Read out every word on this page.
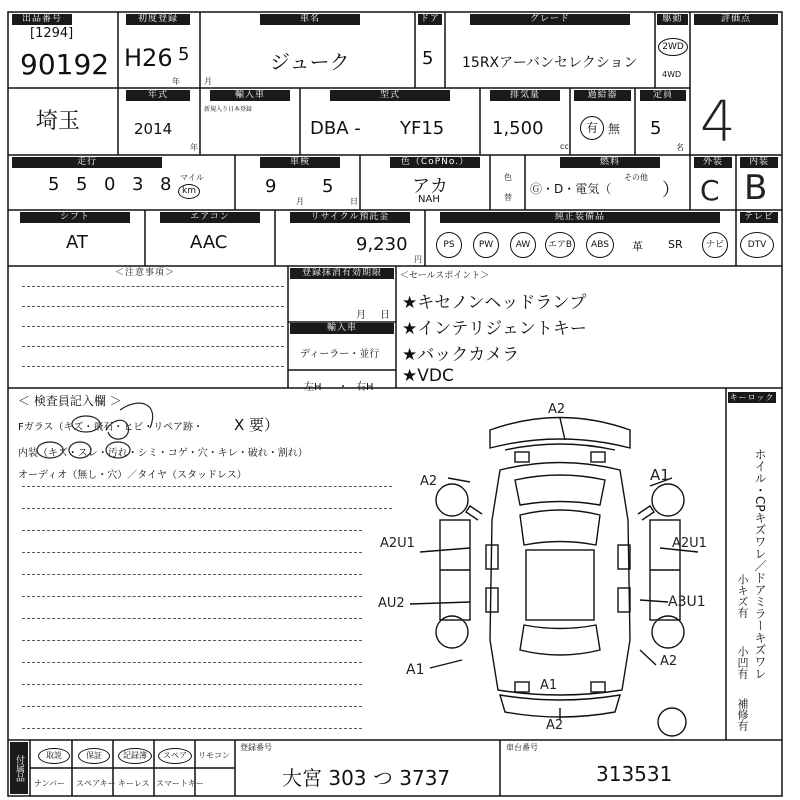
出品番号
[1294]
90192
初度登録
H26 5
年	月
車名
ジューク
ドア
5
グレード
15RXアーバンセレクション
駆動
2WD
4WD
評価点
4
埼玉
年式
2014
年
輸入車
新規入り日本登録
型式
DBA - YF15
排気量
1,500
cc
過給器
有 無
定員
5
名
走行
5 5 0 3 8 マイル
km
車検
9
月
5
日
色（CoPNo.）
アカ
NAH
色
替
燃料
Ⓖ・D・電気（
その他
）
外装
C
内装
B
シフト
AT
エアコン
AAC
リサイクル預託金
9,230
円
純正装備品
PS	PW	AW	エアB	ABS	革 SR	ナビ
テレビ
DTV
＜注意事項＞	登録抹消有効期限
月 日
輸入車
ディーラー・並行
左H ・ 右H
＜セールスポイント＞
★キセノンヘッドランプ
★インテリジェントキー
★バックカメラ
★VDC
＜ 検査員記入欄 ＞
Fガラス（キズ・飛石・ヒビ・リペア跡・ X 要）
内装（キズ・スレ・汚れ・シミ・コゲ・穴・キレ・破れ・割れ）
オーディオ（無し・穴）／タイヤ（スタッドレス）
A2
A2	A1
A2U1	A2U1
AU2	A3U1
A1
A1
A2
A2
キーロック
ホイル・CPキズワレ／ドアミラーキズワレ
小キズ有
小凹有
補修有
付属品	取説	保証	記録簿	スペア	リモコン
ナンバー スペアキー キーレス スマートキー
登録番号
大宮 303 つ 3737
車台番号
313531
